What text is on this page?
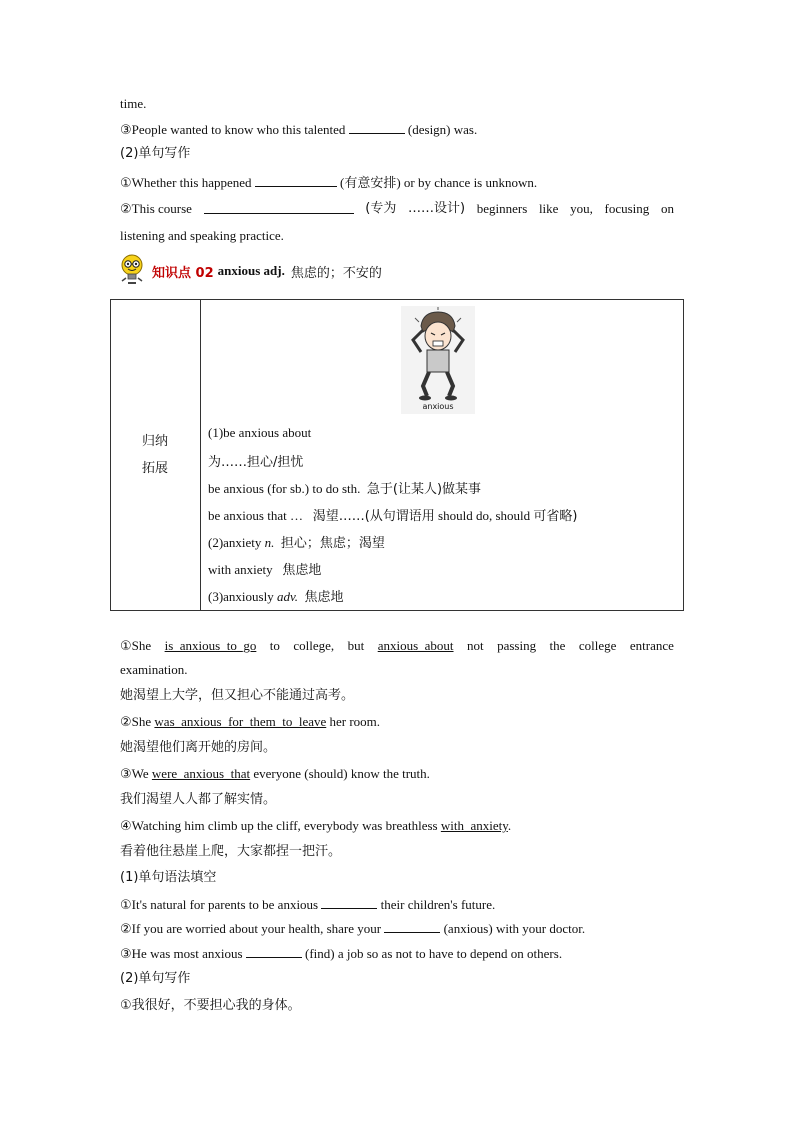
time.
③People wanted to know who this talented	(design) was.
(2)单句写作
①Whether this happened	(有意安排) or by chance is unknown.
②This course	(专为 ……设计) beginners like you, focusing on
listening and speaking practice.
知识点 02 anxious adj. 焦虑的；不安的
归纳
拓展
anxious
(1)be anxious about
为……担心/担忧
be anxious (for sb.) to do sth.  急于(让某人)做某事
be anxious that …   渴望……(从句谓语用 should do, should 可省略)
(2)anxiety n. 担心；焦虑；渴望
with anxiety   焦虑地
(3)anxiously adv. 焦虑地
①She is_anxious_to_go to college, but anxious_about not passing the college entrance
examination.
她渴望上大学，但又担心不能通过高考。
②She was_anxious_for_them_to_leave her room.
她渴望他们离开她的房间。
③We were_anxious_that everyone (should) know the truth.
我们渴望人人都了解实情。
④Watching him climb up the cliff, everybody was breathless with_anxiety.
看着他往悬崖上爬，大家都捏一把汗。
(1)单句语法填空
①It's natural for parents to be anxious	their children's future.
②If you are worried about your health, share your	(anxious) with your doctor.
③He was most anxious	(find) a job so as not to have to depend on others.
(2)单句写作
①我很好，不要担心我的身体。
